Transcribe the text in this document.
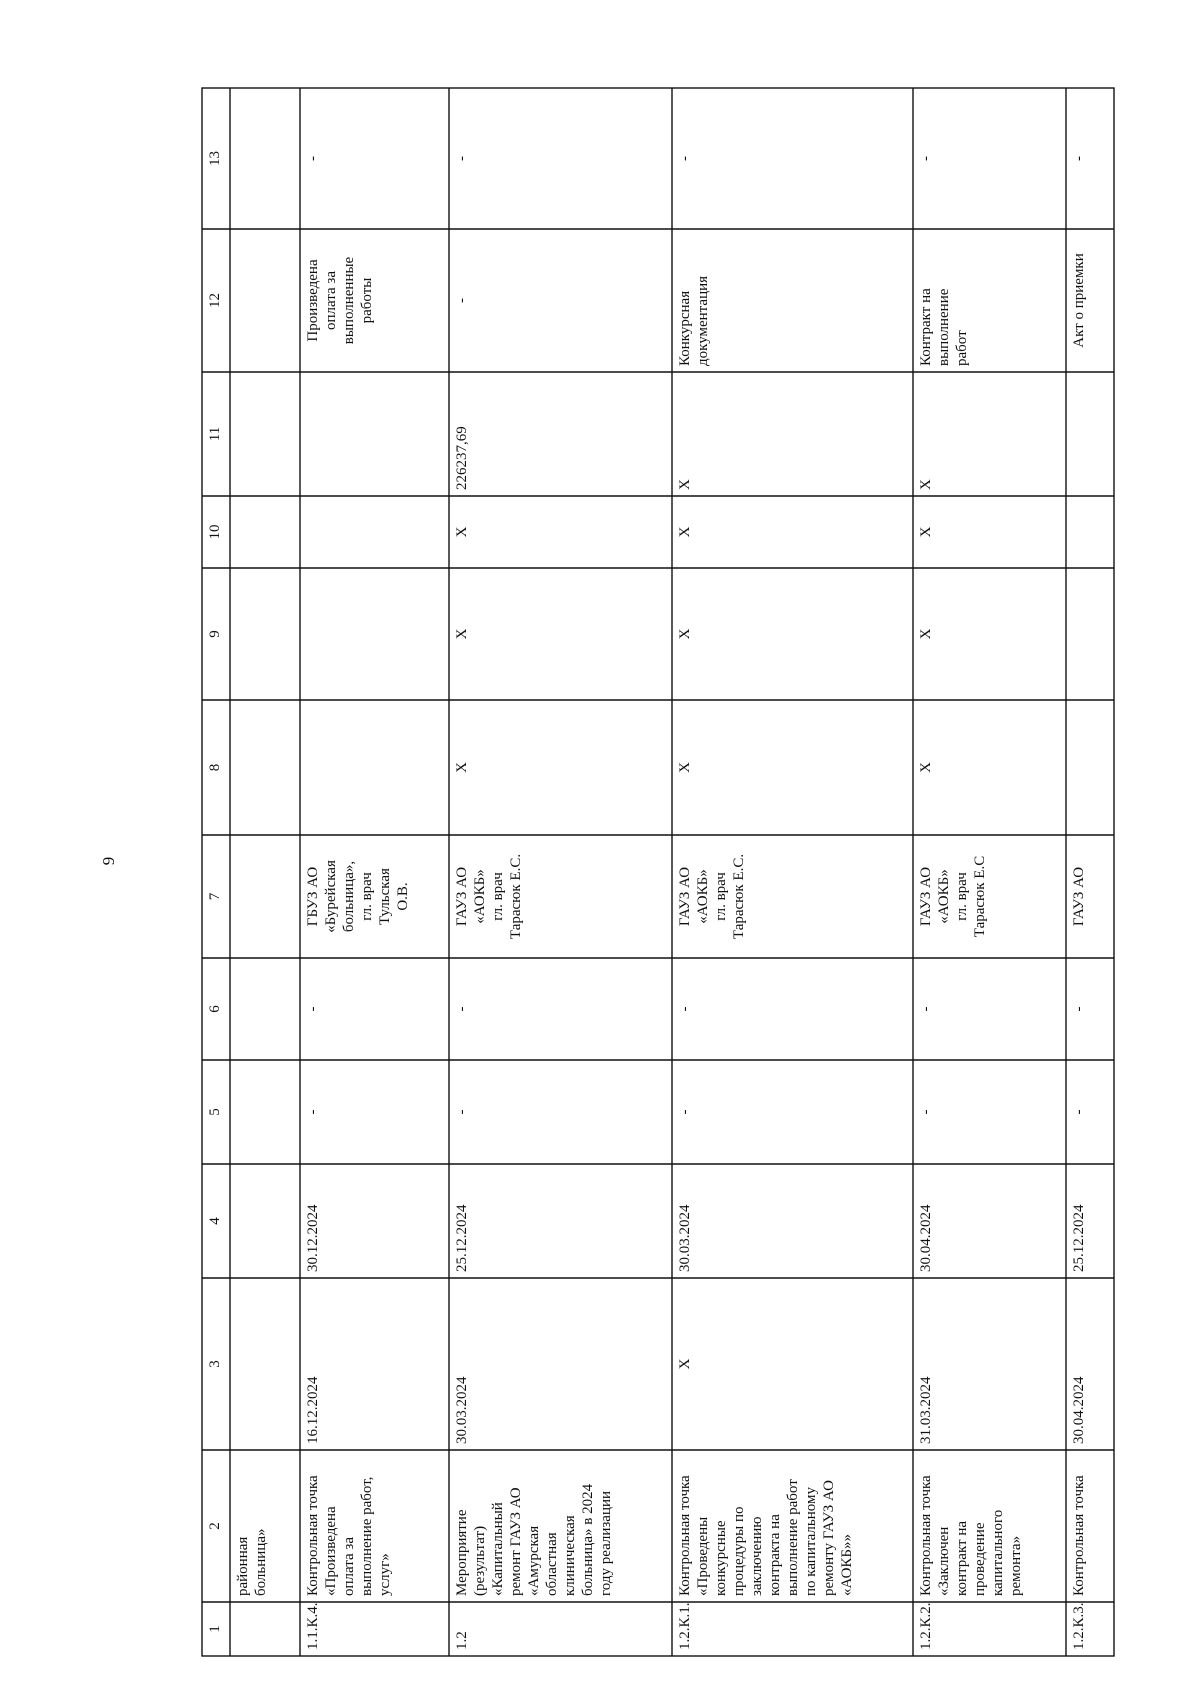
9
1
2
3
4
5
6
7
8
9
10
11
12
13
районная
больница»
1.1.К.4.
Контрольная точка
«Произведена
оплата за
выполнение работ,
услуг»
16.12.2024
30.12.2024
-
-
ГБУЗ АО
«Бурейская
больница»,
гл. врач
Тульская
О.В.
Произведена
оплата за
выполненные
работы
-
1.2
Мероприятие
(результат)
«Капитальный
ремонт ГАУЗ АО
«Амурская
областная
клиническая
больница» в 2024
году реализации
30.03.2024
25.12.2024
-
-
ГАУЗ АО
«АОКБ»
гл. врач
Тарасюк Е.С.
Х
Х
Х
226237,69
-
-
1.2.К.1.
Контрольная точка
«Проведены
конкурсные
процедуры по
заключению
контракта на
выполнение работ
по капитальному
ремонту ГАУЗ АО
«АОКБ»»
Х
30.03.2024
-
-
ГАУЗ АО
«АОКБ»
гл. врач
Тарасюк Е.С.
Х
Х
Х
Х
Конкурсная
документация
-
1.2.К.2.
Контрольная точка
«Заключен
контракт на
проведение
капитального
ремонта»
31.03.2024
30.04.2024
-
-
ГАУЗ АО
«АОКБ»
гл. врач
Тарасюк Е.С
Х
Х
Х
Х
Контракт на
выполнение
работ
-
1.2.К.3.
Контрольная точка
30.04.2024
25.12.2024
-
-
ГАУЗ АО
Акт о приемки
-
